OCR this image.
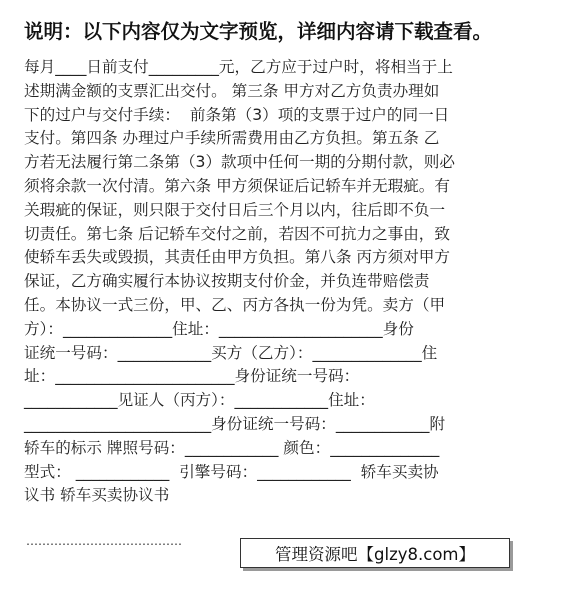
说明：以下内容仅为文字预览，详细内容请下载查看。
每月____日前支付_________元，乙方应于过户时，将相当于上
述期满金额的支票汇出交付。 第三条 甲方对乙方负责办理如
下的过户与交付手续：  前条第（3）项的支票于过户的同一日
支付。第四条 办理过户手续所需费用由乙方负担。第五条 乙
方若无法履行第二条第（3）款项中任何一期的分期付款，则必
须将余款一次付清。第六条 甲方须保证后记轿车并无瑕疵。有
关瑕疵的保证，则只限于交付日后三个月以内，往后即不负一
切责任。第七条 后记轿车交付之前，若因不可抗力之事由，致
使轿车丢失或毁损，其责任由甲方负担。第八条 丙方须对甲方
保证，乙方确实履行本协议按期支付价金，并负连带赔偿责
任。本协议一式三份，甲、乙、丙方各执一份为凭。卖方（甲
方）：______________住址：_____________________身份
证统一号码：____________买方（乙方）：______________住
址：_______________________身份证统一号码：
____________见证人（丙方）：____________住址：
________________________身份证统一号码：____________附
轿车的标示 牌照号码：____________ 颜色：______________
型式： ____________  引擎号码：____________  轿车买卖协
议书 轿车买卖协议书
…………………………………
管理资源吧【glzy8.com】
